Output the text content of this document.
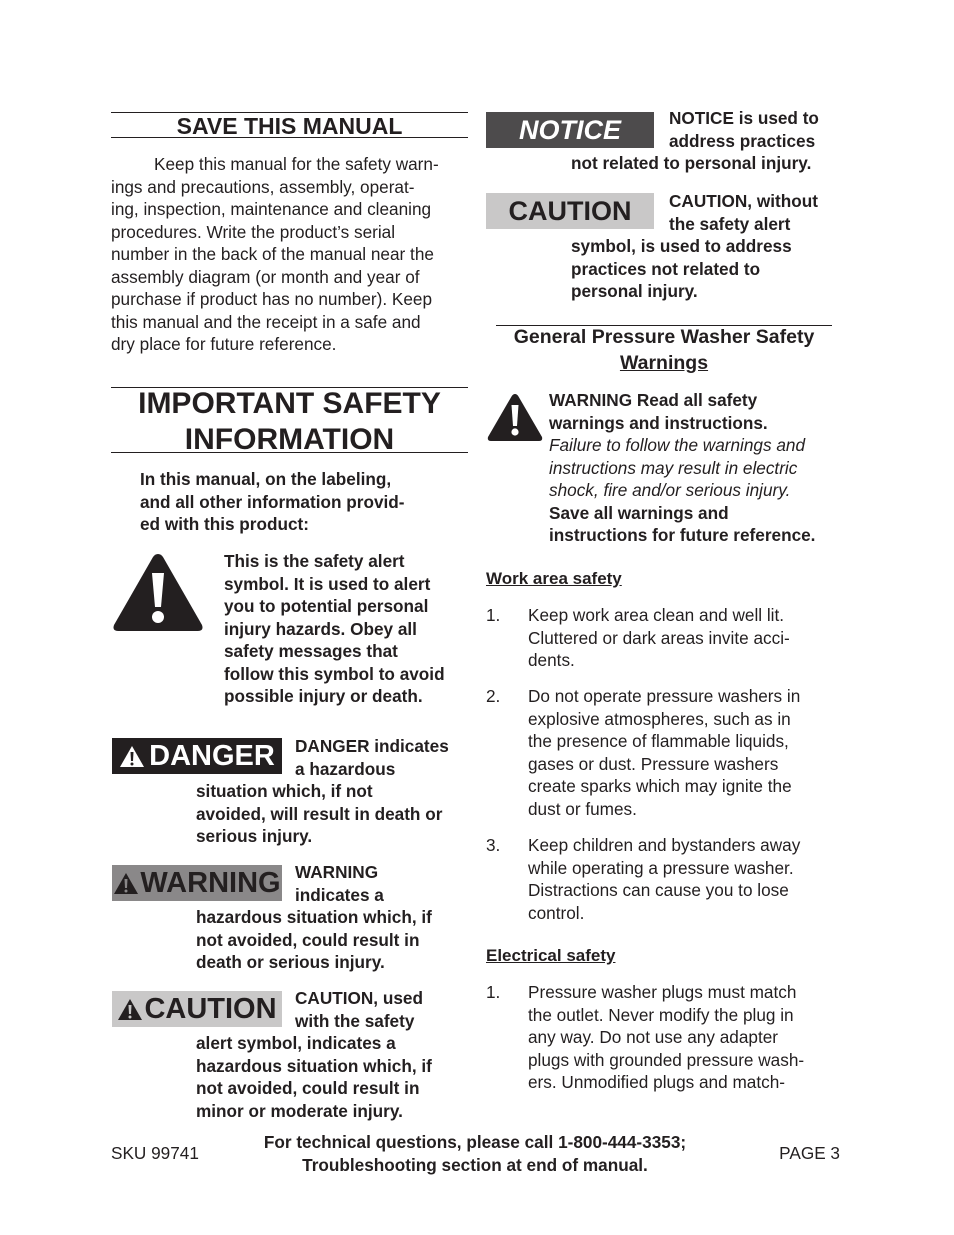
SAVE THIS MANUAL
Keep this manual for the safety warn-
ings and precautions, assembly, operat-
ing, inspection, maintenance and cleaning
procedures. Write the product’s serial
number in the back of the manual near the
assembly diagram (or month and year of
purchase if product has no number). Keep
this manual and the receipt in a safe and
dry place for future reference.
IMPORTANT SAFETY
INFORMATION
In this manual, on the labeling,
and all other information provid-
ed with this product:
This is the safety alert
symbol. It is used to alert
you to potential personal
injury hazards. Obey all
safety messages that
follow this symbol to avoid
possible injury or death.
DANGER DANGER indicates
a hazardous
situation which, if not
avoided, will result in death or
serious injury.
WARNING WARNING
indicates a
hazardous situation which, if
not avoided, could result in
death or serious injury.
CAUTION CAUTION, used
with the safety
alert symbol, indicates a
hazardous situation which, if
not avoided, could result in
minor or moderate injury.
NOTICE	NOTICE is used to
address practices
not related to personal injury.
CAUTION CAUTION, without
the safety alert
symbol, is used to address
practices not related to
personal injury.
General Pressure Washer Safety
Warnings
WARNING Read all safety
warnings and instructions.
Failure to follow the warnings and
instructions may result in electric
shock, fire and/or serious injury.
Save all warnings and
instructions for future reference.
Work area safety
1. Keep work area clean and well lit.
Cluttered or dark areas invite acci-
dents.
2. Do not operate pressure washers in
explosive atmospheres, such as in
the presence of flammable liquids,
gases or dust. Pressure washers
create sparks which may ignite the
dust or fumes.
3. Keep children and bystanders away
while operating a pressure washer.
Distractions can cause you to lose
control.
Electrical safety
1. Pressure washer plugs must match
the outlet. Never modify the plug in
any way. Do not use any adapter
plugs with grounded pressure wash-
ers. Unmodified plugs and match-
SKU 99741
For technical questions, please call 1-800-444-3353;
Troubleshooting section at end of manual.
PAGE 3
